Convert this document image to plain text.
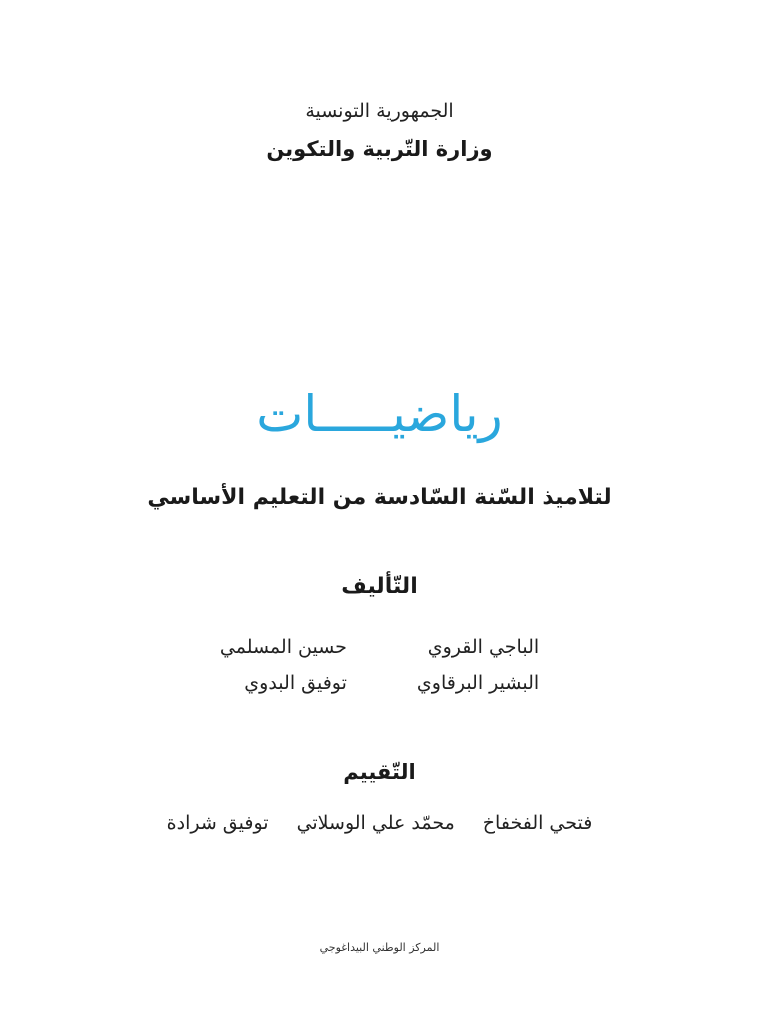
الجمهورية التونسية
وزارة التّربية والتكوين
رياضيـــــات
لتلاميذ السّنة السّادسة من التعليم الأساسي
التّأليف
الباجي القروي
البشير البرقاوي
حسين المسلمي
توفيق البدوي
التّقييم
فتحي الفخفاخ
محمّد علي الوسلاتي
توفيق شرادة
المركز الوطني البيداغوجي
